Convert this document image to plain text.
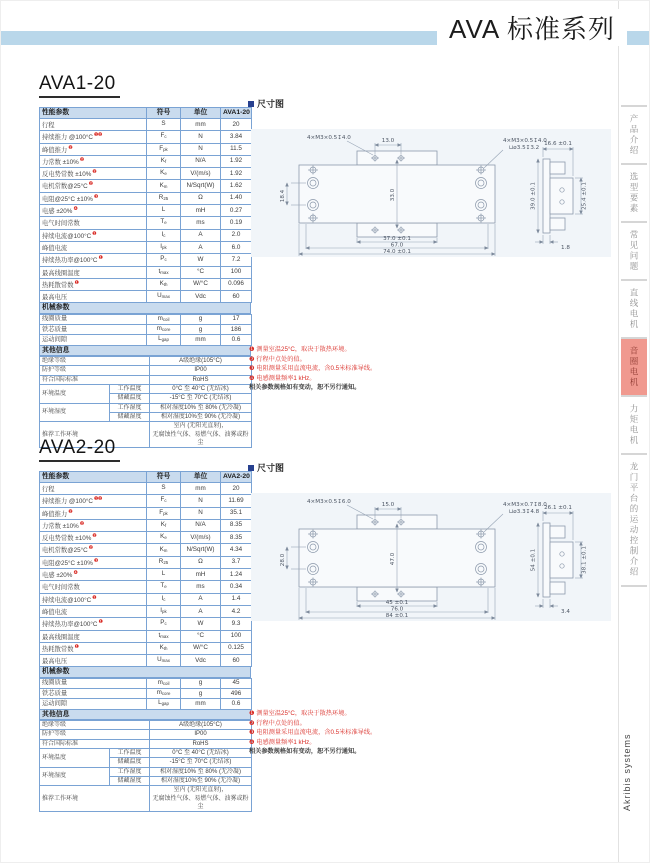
AVA 标准系列
产品介绍
选型要素
常见问题
直线电机
音圈电机
力矩电机
龙门平台的运动控制介绍
Akribis systems
AVA1-20
性能参数	符号	单位	AVA1-20
行程	S	mm	20
持续推力 $@100^\circ C^{❶❷}$	$F_c$	N	3.84
峰值推力$^❷$	$F_{pk}$	N	11.5
力常数 ±10%$^❷$	$K_f$	N/A	1.92
反电势常数 ±10%$^❷$	$K_e$	V/(m/s)	1.92
电机常数$@25^\circ C^❷$	$K_m$	N/Sqrt(W)	1.62
电阻@25°C ±10%$^❸$	$R_{25}$	Ω	1.40
电感 ±20%$^❹$	L	mH	0.27
电气时间常数	$T_e$	ms	0.19
持续电流$@100^\circ C^❶$	$I_c$	A	2.0
峰值电流	$I_{pk}$	A	6.0
持续热功率$@100^\circ C^❶$	$P_c$	W	7.2
最高线圈温度	$t_{max}$	°C	100
热耗散常数$^❶$	$K_{th}$	W/°C	0.096
最高电压	$U_{max}$	Vdc	60
机械参数
线圈质量	$m_{coil}$	g	17
铁芯质量	$m_{core}$	g	186
运动间隙	$L_{gap}$	mm	0.6
其他信息
绝缘等级		A级绝缘(105°C)
防护等级		IP00
符合国际标准		RoHS
环境温度	工作温度	0°C 至 40°C (无结冰)
	储藏温度	-15°C 至 70°C (无结冰)
环境湿度	工作湿度	相对湿度10% 至 80% (无冷凝)
	储藏湿度	相对湿度10%至 90% (无冷凝)
推荐工作环境		室内 (无阳光直射)，
无腐蚀性气体、易燃气体、油雾或粉尘
尺寸图
4×M3×0.5↧4.0	13.0	4×M3×0.5↧4.0
⊔⌀3.5↧3.2
18.4	33.0
37.0 ±0.1
67.0
74.0 ±0.1
16.6 ±0.1
39.0 ±0.1	25.4 ±0.1
1.8
❶ 测量室温25°C，取决于散热环境。
❷ 行程中点处的值。
❸ 电阻测量采用直流电流，含0.5米标准导线。
❹ 电感测量频率1 kHz。
相关参数规格如有变动，恕不另行通知。
AVA2-20
性能参数	符号	单位	AVA2-20
行程	S	mm	20
持续推力 $@100^\circ C^{❶❷}$	$F_c$	N	11.69
峰值推力$^❷$	$F_{pk}$	N	35.1
力常数 ±10%$^❷$	$K_f$	N/A	8.35
反电势常数 ±10%$^❷$	$K_e$	V/(m/s)	8.35
电机常数$@25^\circ C^❷$	$K_m$	N/Sqrt(W)	4.34
电阻@25°C ±10%$^❸$	$R_{25}$	Ω	3.7
电感 ±20%$^❹$	L	mH	1.24
电气时间常数	$T_e$	ms	0.34
持续电流$@100^\circ C^❶$	$I_c$	A	1.4
峰值电流	$I_{pk}$	A	4.2
持续热功率$@100^\circ C^❶$	$P_c$	W	9.3
最高线圈温度	$t_{max}$	°C	100
热耗散常数$^❶$	$K_{th}$	W/°C	0.125
最高电压	$U_{max}$	Vdc	60
机械参数
线圈质量	$m_{coil}$	g	45
铁芯质量	$m_{core}$	g	496
运动间隙	$L_{gap}$	mm	0.6
其他信息
绝缘等级		A级绝缘(105°C)
防护等级		IP00
符合国际标准		RoHS
环境温度	工作温度	0°C 至 40°C (无结冰)
	储藏温度	-15°C 至 70°C (无结冰)
环境湿度	工作湿度	相对湿度10% 至 80% (无冷凝)
	储藏湿度	相对湿度10%至 90% (无冷凝)
推荐工作环境		室内 (无阳光直射)，
无腐蚀性气体、易燃气体、油雾或粉尘
尺寸图
4×M3×0.5↧6.0	15.0	4×M3×0.7↧8.0
⊔⌀3.3↧4.8
28.0	47.0
45 ±0.1
76.0
84 ±0.1
26.1 ±0.1
54 ±0.1	38.1 ±0.1
3.4
❶ 测量室温25°C，取决于散热环境。
❷ 行程中点处的值。
❸ 电阻测量采用直流电流，含0.5米标准导线。
❹ 电感测量频率1 kHz。
相关参数规格如有变动，恕不另行通知。
